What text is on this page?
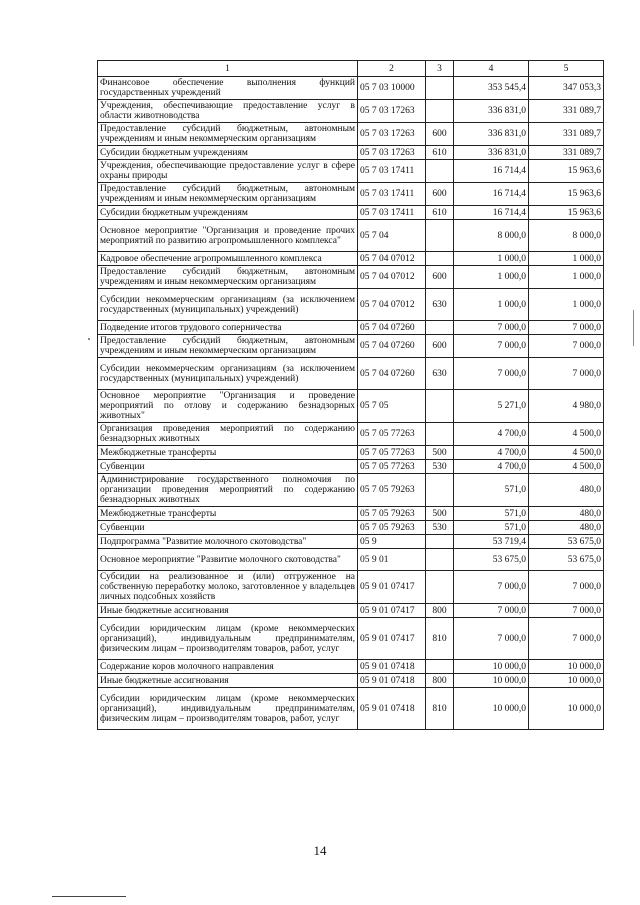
1	2	3	4	5
Финансовое обеспечение выполнения функций государственных учреждений	05 7 03 10000		353 545,4	347 053,3
Учреждения, обеспечивающие предоставление услуг в области животноводства	05 7 03 17263		336 831,0	331 089,7
Предоставление субсидий бюджетным, автономным учреждениям и иным некоммерческим организациям	05 7 03 17263	600	336 831,0	331 089,7
Субсидии бюджетным учреждениям	05 7 03 17263	610	336 831,0	331 089,7
Учреждения, обеспечивающие предоставление услуг в сфере охраны природы	05 7 03 17411		16 714,4	15 963,6
Предоставление субсидий бюджетным, автономным учреждениям и иным некоммерческим организациям	05 7 03 17411	600	16 714,4	15 963,6
Субсидии бюджетным учреждениям	05 7 03 17411	610	16 714,4	15 963,6
Основное мероприятие "Организация и проведение прочих мероприятий по развитию агропромышленного комплекса"	05 7 04		8 000,0	8 000,0
Кадровое обеспечение агропромышленного комплекса	05 7 04 07012		1 000,0	1 000,0
Предоставление субсидий бюджетным, автономным учреждениям и иным некоммерческим организациям	05 7 04 07012	600	1 000,0	1 000,0
Субсидии некоммерческим организациям (за исключением государственных (муниципальных) учреждений)	05 7 04 07012	630	1 000,0	1 000,0
Подведение итогов трудового соперничества	05 7 04 07260		7 000,0	7 000,0
Предоставление субсидий бюджетным, автономным учреждениям и иным некоммерческим организациям	05 7 04 07260	600	7 000,0	7 000,0
Субсидии некоммерческим организациям (за исключением государственных (муниципальных) учреждений)	05 7 04 07260	630	7 000,0	7 000,0
Основное мероприятие "Организация и проведение мероприятий по отлову и содержанию безнадзорных животных"	05 7 05		5 271,0	4 980,0
Организация проведения мероприятий по содержанию безнадзорных животных	05 7 05 77263		4 700,0	4 500,0
Межбюджетные трансферты	05 7 05 77263	500	4 700,0	4 500,0
Субвенции	05 7 05 77263	530	4 700,0	4 500,0
Администрирование государственного полномочия по организации проведения мероприятий по содержанию безнадзорных животных	05 7 05 79263		571,0	480,0
Межбюджетные трансферты	05 7 05 79263	500	571,0	480,0
Субвенции	05 7 05 79263	530	571,0	480,0
Подпрограмма "Развитие молочного скотоводства"	05 9		53 719,4	53 675,0
Основное мероприятие "Развитие молочного скотоводства"	05 9 01		53 675,0	53 675,0
Субсидии на реализованное и (или) отгруженное на собственную переработку молоко, заготовленное у владельцев личных подсобных хозяйств	05 9 01 07417		7 000,0	7 000,0
Иные бюджетные ассигнования	05 9 01 07417	800	7 000,0	7 000,0
Субсидии юридическим лицам (кроме некоммерческих организаций), индивидуальным предпринимателям, физическим лицам – производителям товаров, работ, услуг	05 9 01 07417	810	7 000,0	7 000,0
Содержание коров молочного направления	05 9 01 07418		10 000,0	10 000,0
Иные бюджетные ассигнования	05 9 01 07418	800	10 000,0	10 000,0
Субсидии юридическим лицам (кроме некоммерческих организаций), индивидуальным предпринимателям, физическим лицам – производителям товаров, работ, услуг	05 9 01 07418	810	10 000,0	10 000,0
14
